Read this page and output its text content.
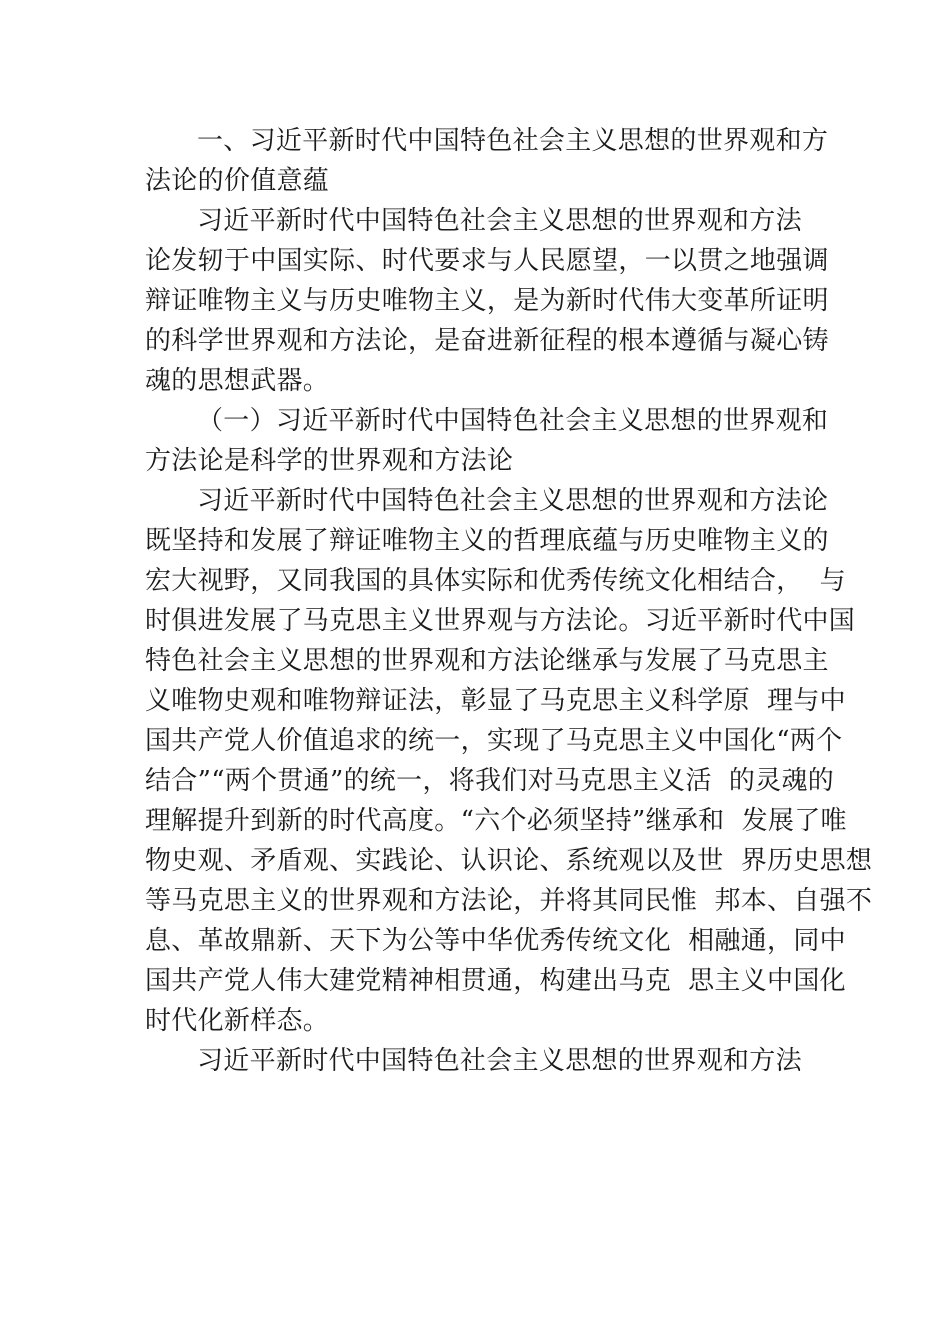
一、习近平新时代中国特色社会主义思想的世界观和方
法论的价值意蕴
习近平新时代中国特色社会主义思想的世界观和方法
论发轫于中国实际、时代要求与人民愿望，一以贯之地强调
辩证唯物主义与历史唯物主义，是为新时代伟大变革所证明
的科学世界观和方法论，是奋进新征程的根本遵循与凝心铸
魂的思想武器。
（一）习近平新时代中国特色社会主义思想的世界观和
方法论是科学的世界观和方法论
习近平新时代中国特色社会主义思想的世界观和方法论
既坚持和发展了辩证唯物主义的哲理底蕴与历史唯物主义的
宏大视野，又同我国的具体实际和优秀传统文化相结合，  与
时俱进发展了马克思主义世界观与方法论。习近平新时代中国
特色社会主义思想的世界观和方法论继承与发展了马克思主
义唯物史观和唯物辩证法，彰显了马克思主义科学原  理与中
国共产党人价值追求的统一，实现了马克思主义中国化“两个
结合”“两个贯通”的统一，将我们对马克思主义活  的灵魂的
理解提升到新的时代高度。“六个必须坚持”继承和  发展了唯
物史观、矛盾观、实践论、认识论、系统观以及世  界历史思想
等马克思主义的世界观和方法论，并将其同民惟  邦本、自强不
息、革故鼎新、天下为公等中华优秀传统文化  相融通，同中
国共产党人伟大建党精神相贯通，构建出马克  思主义中国化
时代化新样态。
习近平新时代中国特色社会主义思想的世界观和方法
